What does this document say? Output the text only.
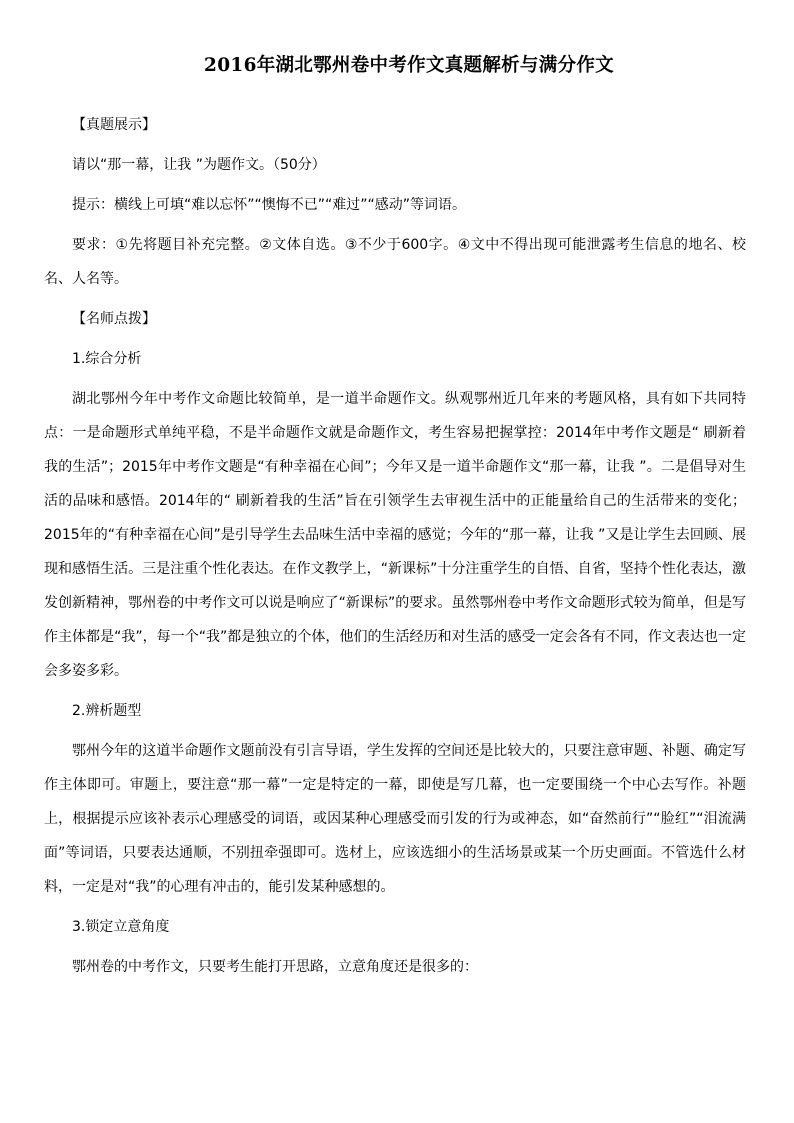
2016年湖北鄂州卷中考作文真题解析与满分作文

【真题展示】

请以“那一幕，让我 ”为题作文。（50分）

提示：横线上可填“难以忘怀”“懊悔不已”“难过”“感动”等词语。

要求：①先将题目补充完整。②文体自选。③不少于600字。④文中不得出现可能泄露考生信息的地名、校名、人名等。

【名师点拨】

1.综合分析

湖北鄂州今年中考作文命题比较简单，是一道半命题作文。纵观鄂州近几年来的考题风格，具有如下共同特点：一是命题形式单纯平稳，不是半命题作文就是命题作文，考生容易把握掌控：2014年中考作文题是“ 刷新着我的生活”；2015年中考作文题是“有种幸福在心间”；今年又是一道半命题作文“那一幕，让我 ”。二是倡导对生活的品味和感悟。2014年的“ 刷新着我的生活”旨在引领学生去审视生活中的正能量给自己的生活带来的变化；2015年的“有种幸福在心间”是引导学生去品味生活中幸福的感觉；今年的“那一幕，让我 ”又是让学生去回顾、展现和感悟生活。三是注重个性化表达。在作文教学上，“新课标”十分注重学生的自悟、自省，坚持个性化表达，激发创新精神，鄂州卷的中考作文可以说是响应了“新课标”的要求。虽然鄂州卷中考作文命题形式较为简单，但是写作主体都是“我”，每一个“我”都是独立的个体，他们的生活经历和对生活的感受一定会各有不同，作文表达也一定会多姿多彩。

2.辨析题型

鄂州今年的这道半命题作文题前没有引言导语，学生发挥的空间还是比较大的，只要注意审题、补题、确定写作主体即可。审题上，要注意“那一幕”一定是特定的一幕，即使是写几幕，也一定要围绕一个中心去写作。补题上，根据提示应该补表示心理感受的词语，或因某种心理感受而引发的行为或神态，如“奋然前行”“脸红”“泪流满面”等词语，只要表达通顺，不别扭牵强即可。选材上，应该选细小的生活场景或某一个历史画面。不管选什么材料，一定是对“我”的心理有冲击的，能引发某种感想的。

3.锁定立意角度

鄂州卷的中考作文，只要考生能打开思路，立意角度还是很多的：
